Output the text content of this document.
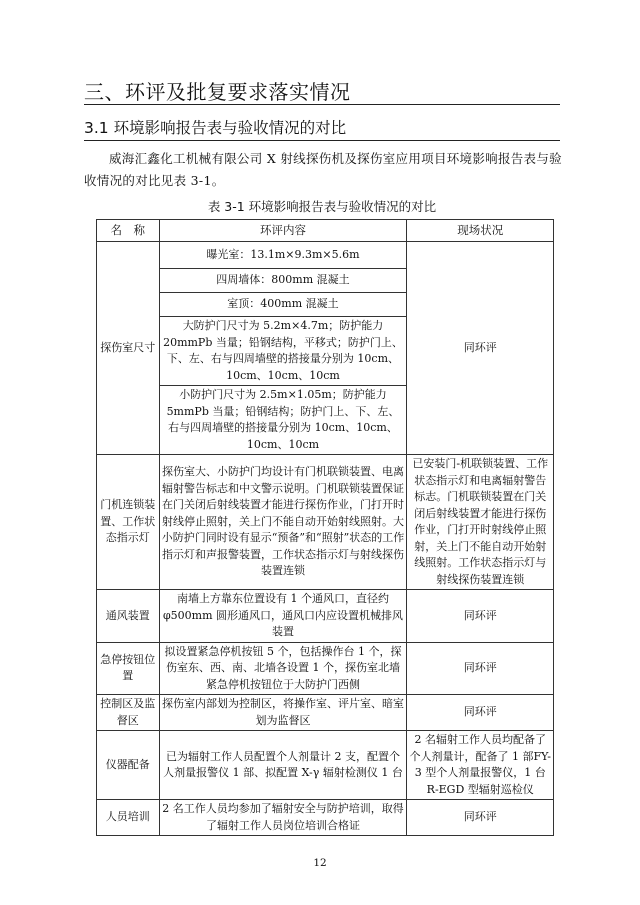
三、环评及批复要求落实情况
3.1 环境影响报告表与验收情况的对比

威海汇鑫化工机械有限公司 X 射线探伤机及探伤室应用项目环境影响报告表与验收情况的对比见表 3-1。

表 3-1 环境影响报告表与验收情况的对比
名　称	环评内容	现场状况
探伤室尺寸	曝光室：13.1m×9.3m×5.6m	同环评
	四周墙体：800mm 混凝土	
	室顶：400mm 混凝土	
	大防护门尺寸为 5.2m×4.7m；防护能力 20mmPb 当量；铅钢结构，平移式；防护门上、下、左、右与四周墙壁的搭接量分别为 10cm、10cm、10cm、10cm	
	小防护门尺寸为 2.5m×1.05m；防护能力 5mmPb 当量；铅钢结构；防护门上、下、左、右与四周墙壁的搭接量分别为 10cm、10cm、10cm、10cm	
门机连锁装置、工作状态指示灯	探伤室大、小防护门均设计有门机联锁装置、电离辐射警告标志和中文警示说明。门机联锁装置保证在门关闭后射线装置才能进行探伤作业，门打开时射线停止照射，关上门不能自动开始射线照射。大小防护门同时设有显示“预备”和“照射”状态的工作指示灯和声报警装置，工作状态指示灯与射线探伤装置连锁	已安装门-机联锁装置、工作状态指示灯和电离辐射警告标志。门机联锁装置在门关闭后射线装置才能进行探伤作业，门打开时射线停止照射，关上门不能自动开始射线照射。工作状态指示灯与射线探伤装置连锁
通风装置	南墙上方靠东位置设有 1 个通风口，直径约 φ500mm 圆形通风口，通风口内应设置机械排风装置	同环评
急停按钮位置	拟设置紧急停机按钮 5 个，包括操作台 1 个，探伤室东、西、南、北墙各设置 1 个，探伤室北墙紧急停机按钮位于大防护门西侧	同环评
控制区及监督区	探伤室内部划为控制区，将操作室、评片室、暗室划为监督区	同环评
仪器配备	已为辐射工作人员配置个人剂量计 2 支，配置个人剂量报警仪 1 部、拟配置 X-γ 辐射检测仪 1 台	2 名辐射工作人员均配备了个人剂量计，配备了 1 部FY-3 型个人剂量报警仪，1 台 R-EGD 型辐射巡检仪
人员培训	2 名工作人员均参加了辐射安全与防护培训，取得了辐射工作人员岗位培训合格证	同环评
12
